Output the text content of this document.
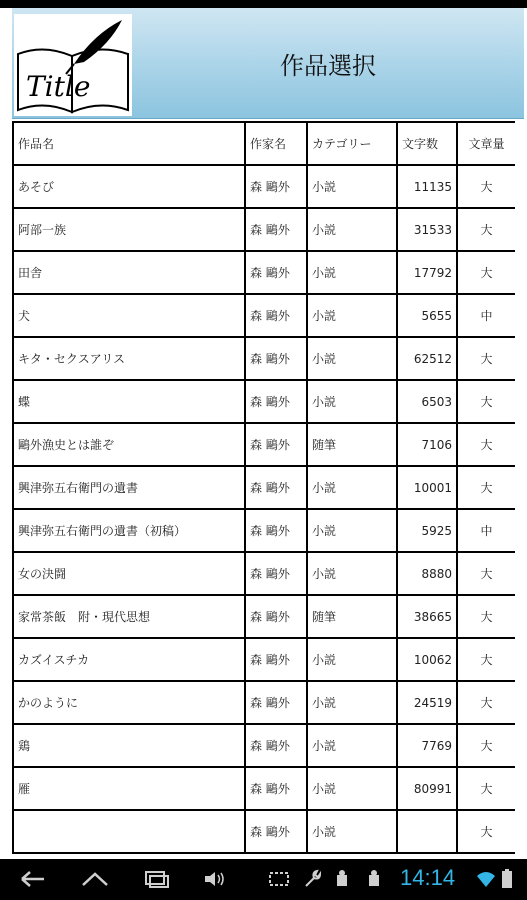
Title
作品選択
作品名	作家名	カテゴリー	文字数	文章量
あそび	森 鷗外	小説	11135	大
阿部一族	森 鷗外	小説	31533	大
田舎	森 鷗外	小説	17792	大
犬	森 鷗外	小説	5655	中
キタ・セクスアリス	森 鷗外	小説	62512	大
蝶	森 鷗外	小説	6503	大
鷗外漁史とは誰ぞ	森 鷗外	随筆	7106	大
興津弥五右衛門の遺書	森 鷗外	小説	10001	大
興津弥五右衛門の遺書（初稿）	森 鷗外	小説	5925	中
女の決闘	森 鷗外	小説	8880	大
家常茶飯　附・現代思想	森 鷗外	随筆	38665	大
カズイスチカ	森 鷗外	小説	10062	大
かのように	森 鷗外	小説	24519	大
鶏	森 鷗外	小説	7769	大
雁	森 鷗外	小説	80991	大
	森 鷗外	小説		大
14:14
